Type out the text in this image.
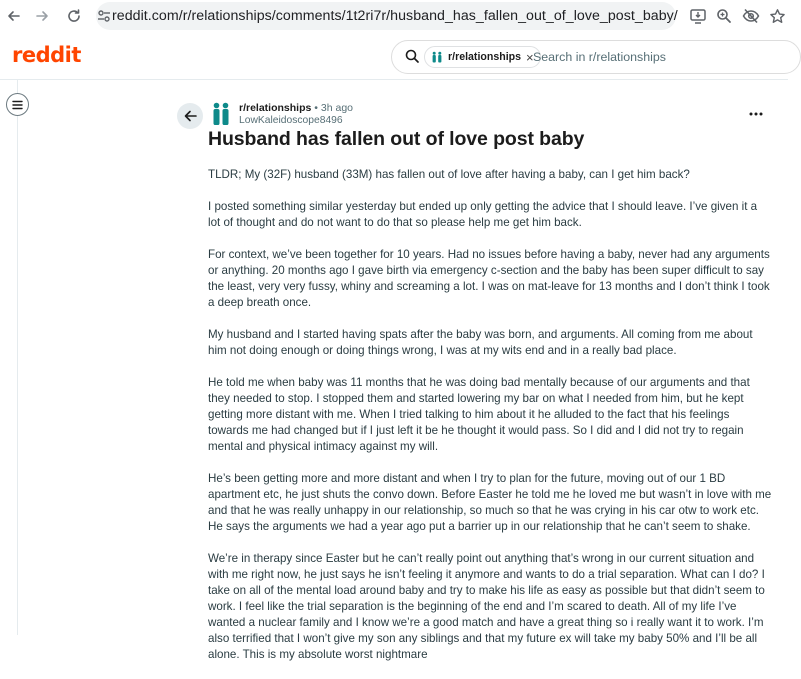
reddit.com/r/relationships/comments/1t2ri7r/husband_has_fallen_out_of_love_post_baby/
reddit	r/relationships × Search in r/relationships
r/relationships • 3h ago
LowKaleidoscope8496
Husband has fallen out of love post baby

TLDR; My (32F) husband (33M) has fallen out of love after having a baby, can I get him back?

I posted something similar yesterday but ended up only getting the advice that I should leave. I’ve given it a lot of thought and do not want to do that so please help me get him back.

For context, we’ve been together for 10 years. Had no issues before having a baby, never had any arguments or anything. 20 months ago I gave birth via emergency c-section and the baby has been super difficult to say the least, very very fussy, whiny and screaming a lot. I was on mat-leave for 13 months and I don’t think I took a deep breath once.

My husband and I started having spats after the baby was born, and arguments. All coming from me about him not doing enough or doing things wrong, I was at my wits end and in a really bad place.

He told me when baby was 11 months that he was doing bad mentally because of our arguments and that they needed to stop. I stopped them and started lowering my bar on what I needed from him, but he kept getting more distant with me. When I tried talking to him about it he alluded to the fact that his feelings towards me had changed but if I just left it be he thought it would pass. So I did and I did not try to regain mental and physical intimacy against my will.

He’s been getting more and more distant and when I try to plan for the future, moving out of our 1 BD apartment etc, he just shuts the convo down. Before Easter he told me he loved me but wasn’t in love with me and that he was really unhappy in our relationship, so much so that he was crying in his car otw to work etc. He says the arguments we had a year ago put a barrier up in our relationship that he can’t seem to shake.

We’re in therapy since Easter but he can’t really point out anything that’s wrong in our current situation and with me right now, he just says he isn’t feeling it anymore and wants to do a trial separation. What can I do? I take on all of the mental load around baby and try to make his life as easy as possible but that didn’t seem to work. I feel like the trial separation is the beginning of the end and I’m scared to death. All of my life I’ve wanted a nuclear family and I know we’re a good match and have a great thing so i really want it to work. I’m also terrified that I won’t give my son any siblings and that my future ex will take my baby 50% and I’ll be all alone. This is my absolute worst nightmare
